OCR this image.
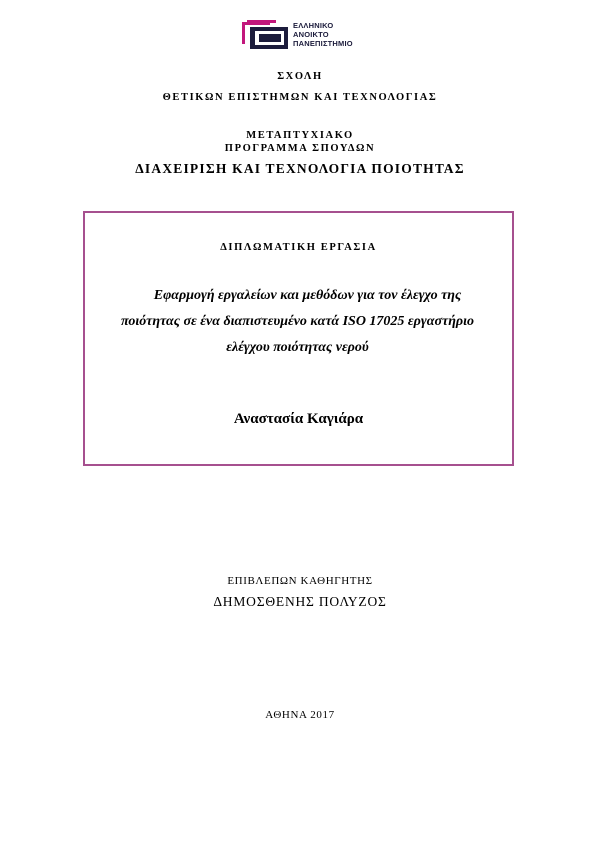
ΕΛΛΗΝΙΚΟ
ΑΝΟΙΚΤΟ
ΠΑΝΕΠΙΣΤΗΜΙΟ
ΣΧΟΛΗ
ΘΕΤΙΚΩΝ ΕΠΙΣΤΗΜΩΝ ΚΑΙ ΤΕΧΝΟΛΟΓΙΑΣ
ΜΕΤΑΠΤΥΧΙΑΚΟ
ΠΡΟΓΡΑΜΜΑ ΣΠΟΥΔΩΝ
ΔΙΑΧΕΙΡΙΣΗ ΚΑΙ ΤΕΧΝΟΛΟΓΙΑ ΠΟΙΟΤΗΤΑΣ
ΔΙΠΛΩΜΑΤΙΚΗ ΕΡΓΑΣΙΑ
Εφαρμογή εργαλείων και μεθόδων για τον έλεγχο της
ποιότητας σε ένα διαπιστευμένο κατά ISO 17025 εργαστήριο
ελέγχου ποιότητας νερού
Αναστασία Καγιάρα
ΕΠΙΒΛΕΠΩΝ ΚΑΘΗΓΗΤΗΣ
ΔΗΜΟΣΘΕΝΗΣ ΠΟΛΥΖΟΣ
ΑΘΗΝΑ 2017
